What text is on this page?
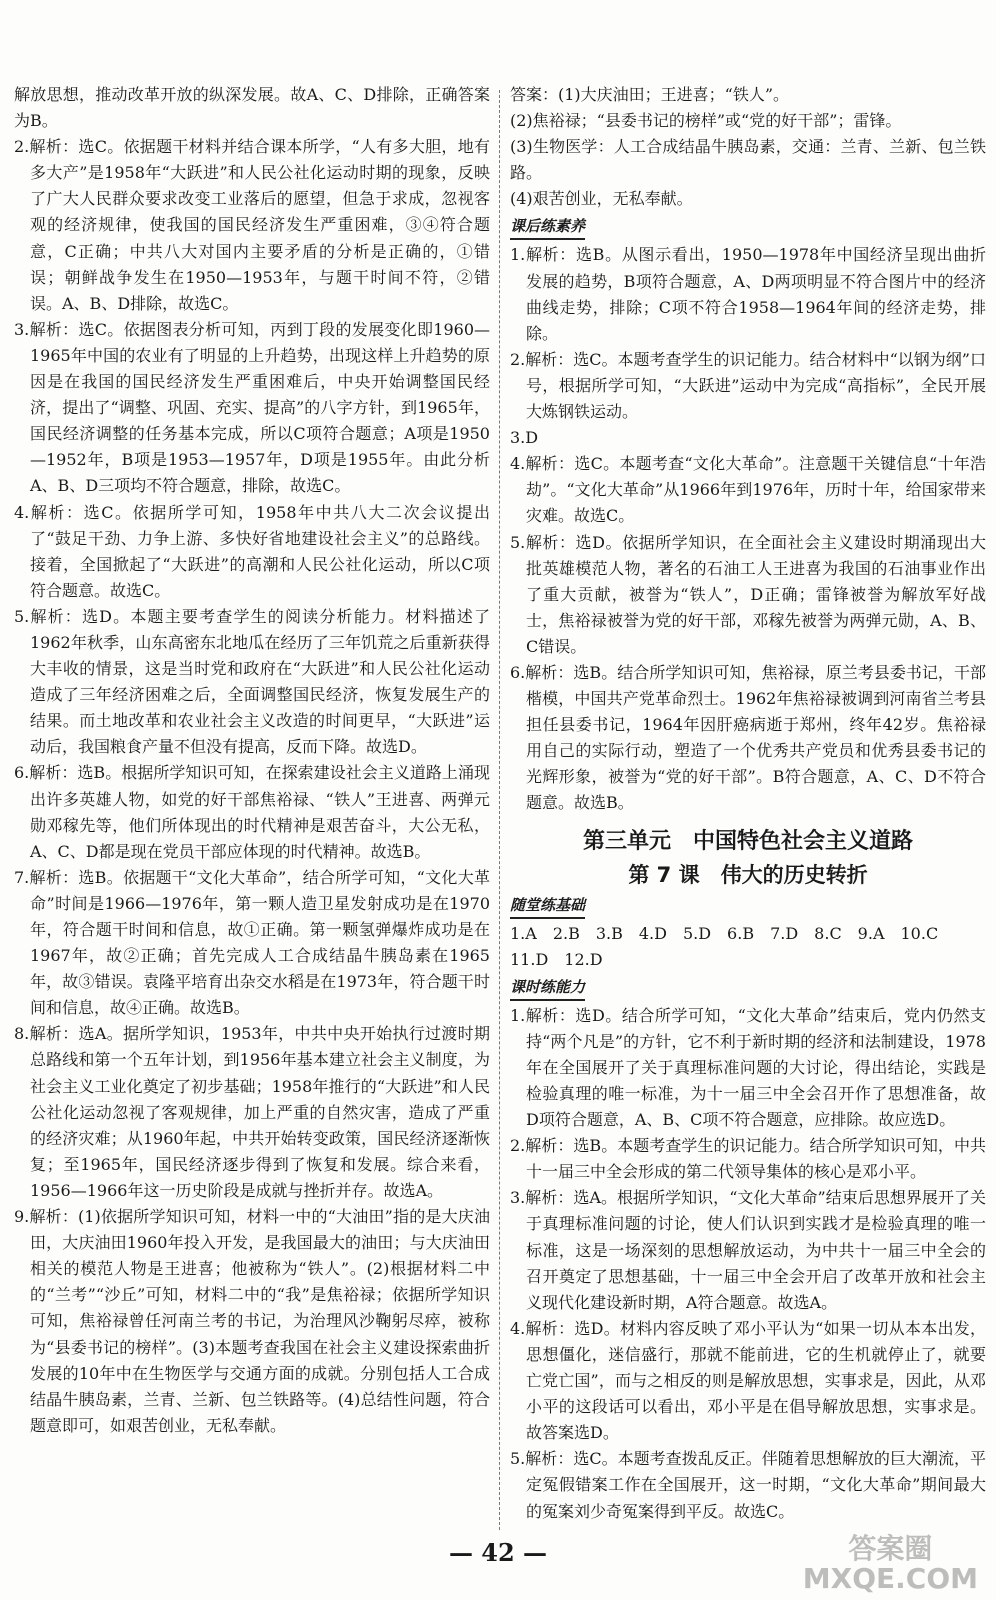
解放思想，推动改革开放的纵深发展。故A、C、D排除，正确答案为B。

2.解析：选C。依据题干材料并结合课本所学，“人有多大胆，地有多大产”是1958年“大跃进”和人民公社化运动时期的现象，反映了广大人民群众要求改变工业落后的愿望，但急于求成，忽视客观的经济规律，使我国的国民经济发生严重困难，③④符合题意，C正确；中共八大对国内主要矛盾的分析是正确的，①错误；朝鲜战争发生在1950—1953年，与题干时间不符，②错误。A、B、D排除，故选C。

3.解析：选C。依据图表分析可知，丙到丁段的发展变化即1960—1965年中国的农业有了明显的上升趋势，出现这样上升趋势的原因是在我国的国民经济发生严重困难后，中央开始调整国民经济，提出了“调整、巩固、充实、提高”的八字方针，到1965年，国民经济调整的任务基本完成，所以C项符合题意；A项是1950—1952年，B项是1953—1957年，D项是1955年。由此分析A、B、D三项均不符合题意，排除，故选C。

4.解析：选C。依据所学可知，1958年中共八大二次会议提出了“鼓足干劲、力争上游、多快好省地建设社会主义”的总路线。接着，全国掀起了“大跃进”的高潮和人民公社化运动，所以C项符合题意。故选C。

5.解析：选D。本题主要考查学生的阅读分析能力。材料描述了1962年秋季，山东高密东北地瓜在经历了三年饥荒之后重新获得大丰收的情景，这是当时党和政府在“大跃进”和人民公社化运动造成了三年经济困难之后，全面调整国民经济，恢复发展生产的结果。而土地改革和农业社会主义改造的时间更早，“大跃进”运动后，我国粮食产量不但没有提高，反而下降。故选D。

6.解析：选B。根据所学知识可知，在探索建设社会主义道路上涌现出许多英雄人物，如党的好干部焦裕禄、“铁人”王进喜、两弹元勋邓稼先等，他们所体现出的时代精神是艰苦奋斗，大公无私，A、C、D都是现在党员干部应体现的时代精神。故选B。

7.解析：选B。依据题干“文化大革命”，结合所学可知，“文化大革命”时间是1966—1976年，第一颗人造卫星发射成功是在1970年，符合题干时间和信息，故①正确。第一颗氢弹爆炸成功是在1967年，故②正确；首先完成人工合成结晶牛胰岛素在1965年，故③错误。袁隆平培育出杂交水稻是在1973年，符合题干时间和信息，故④正确。故选B。

8.解析：选A。据所学知识，1953年，中共中央开始执行过渡时期总路线和第一个五年计划，到1956年基本建立社会主义制度，为社会主义工业化奠定了初步基础；1958年推行的“大跃进”和人民公社化运动忽视了客观规律，加上严重的自然灾害，造成了严重的经济灾难；从1960年起，中共开始转变政策，国民经济逐渐恢复；至1965年，国民经济逐步得到了恢复和发展。综合来看，1956—1966年这一历史阶段是成就与挫折并存。故选A。

9.解析：(1)依据所学知识可知，材料一中的“大油田”指的是大庆油田，大庆油田1960年投入开发，是我国最大的油田；与大庆油田相关的模范人物是王进喜；他被称为“铁人”。(2)根据材料二中的“兰考”“沙丘”可知，材料二中的“我”是焦裕禄；依据所学知识可知，焦裕禄曾任河南兰考的书记，为治理风沙鞠躬尽瘁，被称为“县委书记的榜样”。(3)本题考查我国在社会主义建设探索曲折发展的10年中在生物医学与交通方面的成就。分别包括人工合成结晶牛胰岛素，兰青、兰新、包兰铁路等。(4)总结性问题，符合题意即可，如艰苦创业，无私奉献。

答案：(1)大庆油田；王进喜；“铁人”。

(2)焦裕禄；“县委书记的榜样”或“党的好干部”；雷锋。

(3)生物医学：人工合成结晶牛胰岛素，交通：兰青、兰新、包兰铁路。

(4)艰苦创业，无私奉献。

课后练素养

1.解析：选B。从图示看出，1950—1978年中国经济呈现出曲折发展的趋势，B项符合题意，A、D两项明显不符合图片中的经济曲线走势，排除；C项不符合1958—1964年间的经济走势，排除。

2.解析：选C。本题考查学生的识记能力。结合材料中“以钢为纲”口号，根据所学可知，“大跃进”运动中为完成“高指标”，全民开展大炼钢铁运动。

3.D

4.解析：选C。本题考查“文化大革命”。注意题干关键信息“十年浩劫”。“文化大革命”从1966年到1976年，历时十年，给国家带来灾难。故选C。

5.解析：选D。依据所学知识，在全面社会主义建设时期涌现出大批英雄模范人物，著名的石油工人王进喜为我国的石油事业作出了重大贡献，被誉为“铁人”，D正确；雷锋被誉为解放军好战士，焦裕禄被誉为党的好干部，邓稼先被誉为两弹元勋，A、B、C错误。

6.解析：选B。结合所学知识可知，焦裕禄，原兰考县委书记，干部楷模，中国共产党革命烈士。1962年焦裕禄被调到河南省兰考县担任县委书记，1964年因肝癌病逝于郑州，终年42岁。焦裕禄用自己的实际行动，塑造了一个优秀共产党员和优秀县委书记的光辉形象，被誉为“党的好干部”。B符合题意，A、C、D不符合题意。故选B。

第三单元　中国特色社会主义道路
第 7 课　伟大的历史转折
随堂练基础

1.A　2.B　3.B　4.D　5.D　6.B　7.D　8.C　9.A　10.C

11.D　12.D

课时练能力

1.解析：选D。结合所学可知，“文化大革命”结束后，党内仍然支持“两个凡是”的方针，它不利于新时期的经济和法制建设，1978年在全国展开了关于真理标准问题的大讨论，得出结论，实践是检验真理的唯一标准，为十一届三中全会召开作了思想准备，故D项符合题意，A、B、C项不符合题意，应排除。故应选D。

2.解析：选B。本题考查学生的识记能力。结合所学知识可知，中共十一届三中全会形成的第二代领导集体的核心是邓小平。

3.解析：选A。根据所学知识，“文化大革命”结束后思想界展开了关于真理标准问题的讨论，使人们认识到实践才是检验真理的唯一标准，这是一场深刻的思想解放运动，为中共十一届三中全会的召开奠定了思想基础，十一届三中全会开启了改革开放和社会主义现代化建设新时期，A符合题意。故选A。

4.解析：选D。材料内容反映了邓小平认为“如果一切从本本出发，思想僵化，迷信盛行，那就不能前进，它的生机就停止了，就要亡党亡国”，而与之相反的则是解放思想，实事求是，因此，从邓小平的这段话可以看出，邓小平是在倡导解放思想，实事求是。故答案选D。

5.解析：选C。本题考查拨乱反正。伴随着思想解放的巨大潮流，平定冤假错案工作在全国展开，这一时期，“文化大革命”期间最大的冤案刘少奇冤案得到平反。故选C。

— 42 —	答案圈
MXQE.COM
